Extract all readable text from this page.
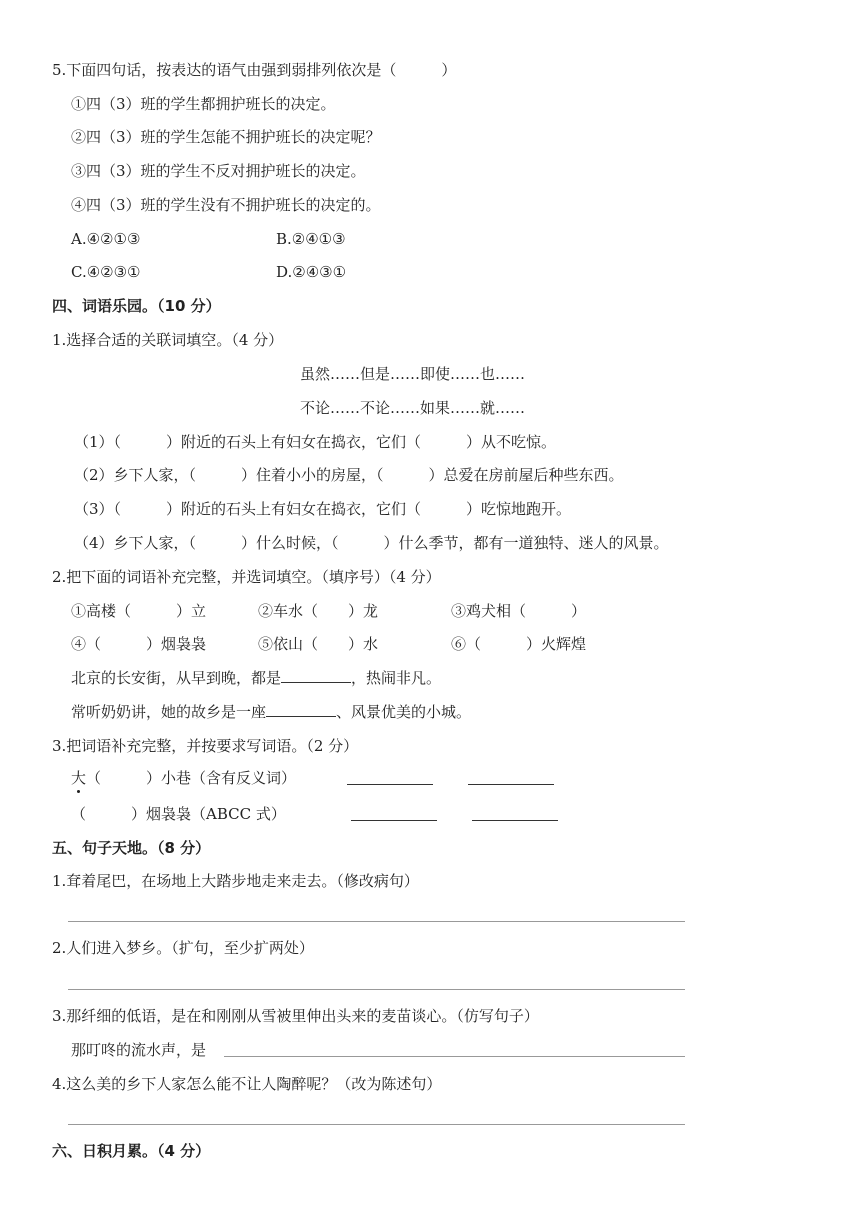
5.下面四句话，按表达的语气由强到弱排列依次是（　　　）
①四（3）班的学生都拥护班长的决定。
②四（3）班的学生怎能不拥护班长的决定呢？
③四（3）班的学生不反对拥护班长的决定。
④四（3）班的学生没有不拥护班长的决定的。
A.④②①③	B.②④①③
C.④②③①	D.②④③①
四、词语乐园。（10 分）
1.选择合适的关联词填空。（4 分）
虽然……但是……即使……也……
不论……不论……如果……就……
（1）（　　　）附近的石头上有妇女在捣衣，它们（　　　）从不吃惊。
（2）乡下人家，（　　　）住着小小的房屋，（　　　）总爱在房前屋后种些东西。
（3）（　　　）附近的石头上有妇女在捣衣，它们（　　　）吃惊地跑开。
（4）乡下人家，（　　　）什么时候，（　　　）什么季节，都有一道独特、迷人的风景。
2.把下面的词语补充完整，并选词填空。（填序号）（4 分）
①高楼（　　　）立	②车水（　　）龙	③鸡犬相（　　　）
④（　　　）烟袅袅	⑤依山（　　）水	⑥（　　　）火辉煌
北京的长安街，从早到晚，都是	，热闹非凡。
常听奶奶讲，她的故乡是一座	、风景优美的小城。
3.把词语补充完整，并按要求写词语。（2 分）
大（　　　）小巷（含有反义词）
（　　　）烟袅袅（ABCC 式）
五、句子天地。（8 分）
1.耷着尾巴，在场地上大踏步地走来走去。（修改病句）
2.人们进入梦乡。（扩句，至少扩两处）
3.那纤细的低语，是在和刚刚从雪被里伸出头来的麦苗谈心。（仿写句子）
那叮咚的流水声，是
4.这么美的乡下人家怎么能不让人陶醉呢？（改为陈述句）
六、日积月累。（4 分）
